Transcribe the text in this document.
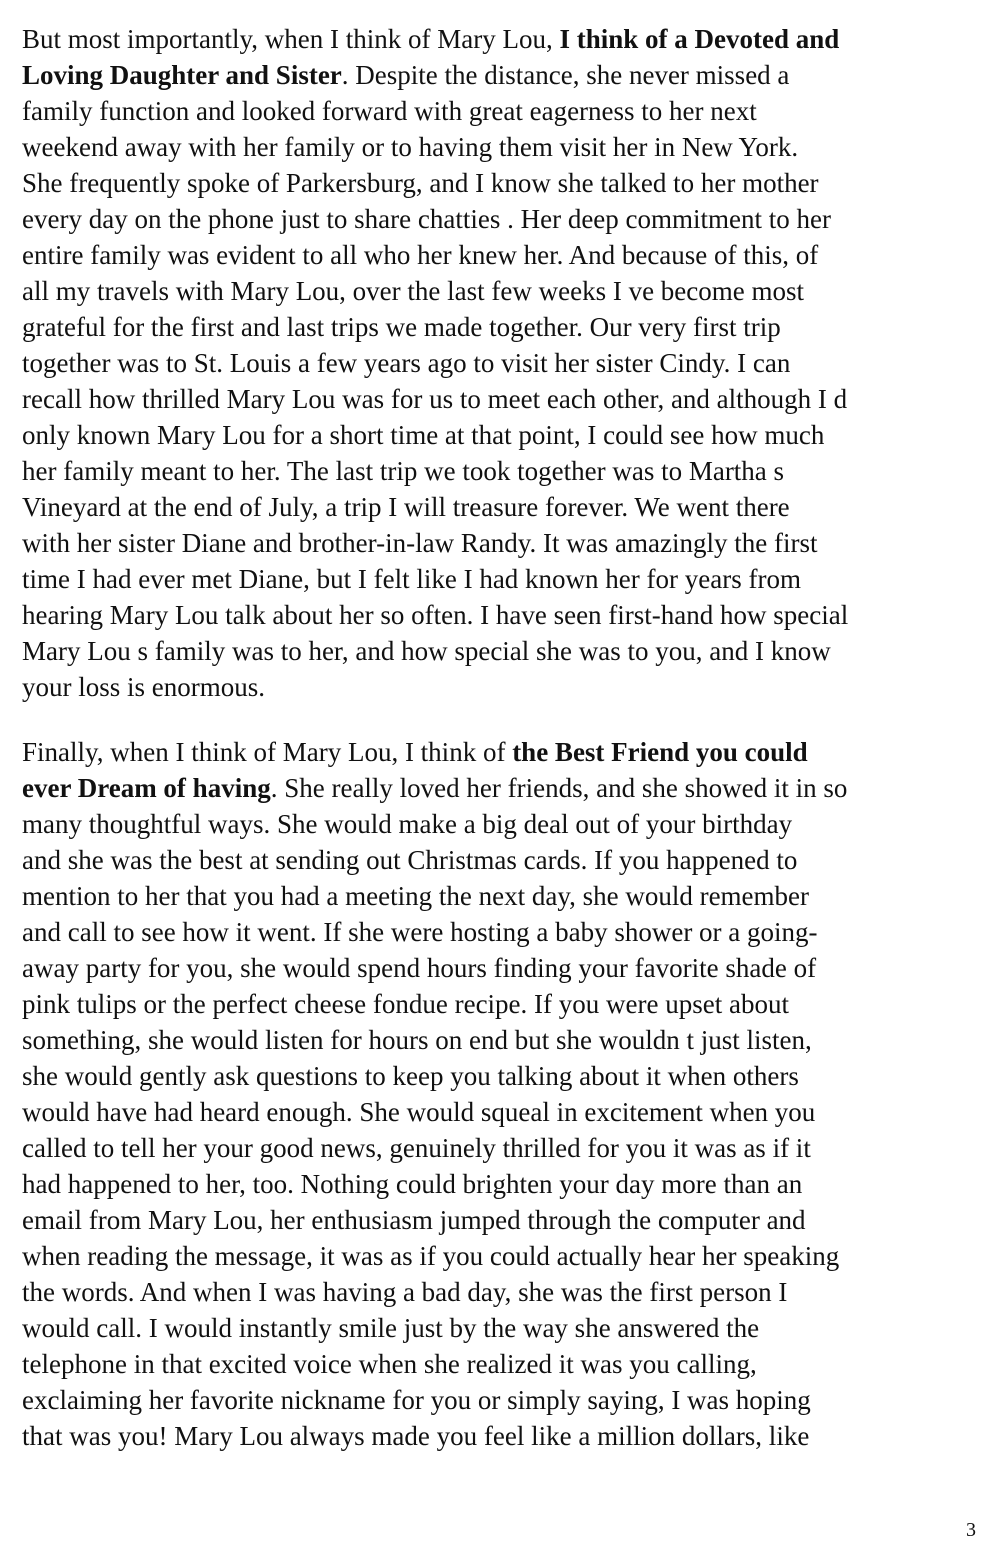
But most importantly, when I think of Mary Lou, I think of a Devoted and
Loving Daughter and Sister. Despite the distance, she never missed a
family function and looked forward with great eagerness to her next
weekend away with her family or to having them visit her in New York.
She frequently spoke of Parkersburg, and I know she talked to her mother
every day on the phone just to share chatties . Her deep commitment to her
entire family was evident to all who her knew her. And because of this, of
all my travels with Mary Lou, over the last few weeks I ve become most
grateful for the first and last trips we made together. Our very first trip
together was to St. Louis a few years ago to visit her sister Cindy. I can
recall how thrilled Mary Lou was for us to meet each other, and although I d
only known Mary Lou for a short time at that point, I could see how much
her family meant to her. The last trip we took together was to Martha s
Vineyard at the end of July, a trip I will treasure forever. We went there
with her sister Diane and brother-in-law Randy. It was amazingly the first
time I had ever met Diane, but I felt like I had known her for years from
hearing Mary Lou talk about her so often. I have seen first-hand how special
Mary Lou s family was to her, and how special she was to you, and I know
your loss is enormous.
Finally, when I think of Mary Lou, I think of the Best Friend you could
ever Dream of having. She really loved her friends, and she showed it in so
many thoughtful ways. She would make a big deal out of your birthday
and she was the best at sending out Christmas cards. If you happened to
mention to her that you had a meeting the next day, she would remember
and call to see how it went. If she were hosting a baby shower or a going-
away party for you, she would spend hours finding your favorite shade of
pink tulips or the perfect cheese fondue recipe. If you were upset about
something, she would listen for hours on end but she wouldn t just listen,
she would gently ask questions to keep you talking about it when others
would have had heard enough. She would squeal in excitement when you
called to tell her your good news, genuinely thrilled for you it was as if it
had happened to her, too. Nothing could brighten your day more than an
email from Mary Lou, her enthusiasm jumped through the computer and
when reading the message, it was as if you could actually hear her speaking
the words. And when I was having a bad day, she was the first person I
would call. I would instantly smile just by the way she answered the
telephone in that excited voice when she realized it was you calling,
exclaiming her favorite nickname for you or simply saying, I was hoping
that was you! Mary Lou always made you feel like a million dollars, like
3
